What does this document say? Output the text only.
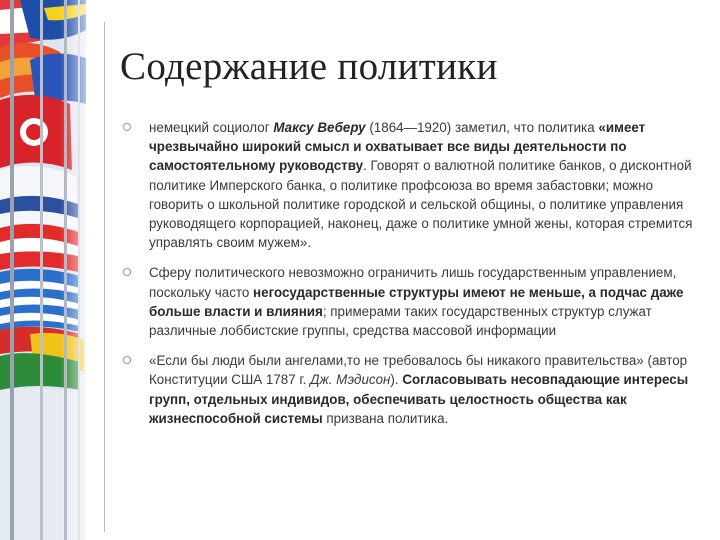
Содержание политики
немецкий социолог Максу Веберу (1864—1920) заметил, что политика «имеет чрезвычайно широкий смысл и охватывает все виды деятельности по самостоятельному руководству. Говорят о валютной политике банков, о дисконтной политике Имперского банка, о политике профсоюза во время забастовки; можно говорить о школьной политике городской и сельской общины, о политике управления руководящего корпорацией, наконец, даже о политике умной жены, которая стремится управлять своим мужем».
Сферу политического невозможно ограничить лишь государственным управлением, поскольку часто негосударственные структуры имеют не меньше, а подчас даже больше власти и влияния; примерами таких государственных структур служат различные лоббистские группы, средства массовой информации
«Если бы люди были ангелами,то не требовалось бы никакого правительства» (автор Конституции США 1787 г. Дж. Мэдисон). Согласовывать несовпадающие интересы групп, отдельных индивидов, обеспечивать целостность общества как жизнеспособной системы призвана политика.
